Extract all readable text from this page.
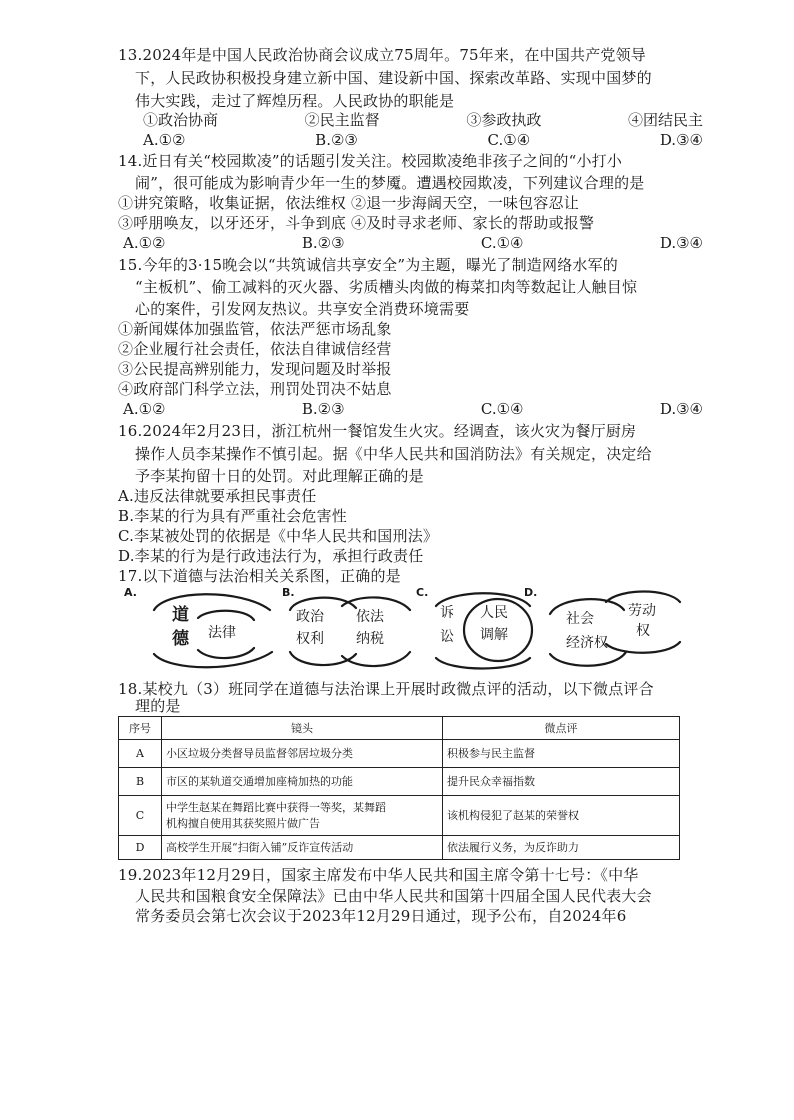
13.2024年是中国人民政治协商会议成立75周年。75年来，在中国共产党领导
下，人民政协积极投身建立新中国、建设新中国、探索改革路、实现中国梦的
伟大实践，走过了辉煌历程。人民政协的职能是
①政治协商	②民主监督	③参政执政	④团结民主
A.①②	B.②③	C.①④	D.③④
14.近日有关“校园欺凌”的话题引发关注。校园欺凌绝非孩子之间的“小打小
闹”，很可能成为影响青少年一生的梦魇。遭遇校园欺凌，下列建议合理的是
①讲究策略，收集证据，依法维权 ②退一步海阔天空，一味包容忍让
③呼朋唤友，以牙还牙，斗争到底 ④及时寻求老师、家长的帮助或报警
A.①②	B.②③	C.①④	D.③④
15.今年的3·15晚会以“共筑诚信共享安全”为主题，曝光了制造网络水军的
“主板机”、偷工减料的灭火器、劣质槽头肉做的梅菜扣肉等数起让人触目惊
心的案件，引发网友热议。共享安全消费环境需要
①新闻媒体加强监管，依法严惩市场乱象
②企业履行社会责任，依法自律诚信经营
③公民提高辨别能力，发现问题及时举报
④政府部门科学立法，刑罚处罚决不姑息
A.①②	B.②③	C.①④	D.③④
16.2024年2月23日，浙江杭州一餐馆发生火灾。经调查，该火灾为餐厅厨房
操作人员李某操作不慎引起。据《中华人民共和国消防法》有关规定，决定给
予李某拘留十日的处罚。对此理解正确的是
A.违反法律就要承担民事责任
B.李某的行为具有严重社会危害性
C.李某被处罚的依据是《中华人民共和国刑法》
D.李某的行为是行政违法行为，承担行政责任
17.以下道德与法治相关关系图，正确的是
A.
道
德 法律
B.
政治
权利
依法
纳税
C.
诉
讼
人民
调解
D.
社会
经济权
劳动
权
18.某校九（3）班同学在道德与法治课上开展时政微点评的活动，以下微点评合
理的是
序号	镜头	微点评
A	小区垃圾分类督导员监督邻居垃圾分类	积极参与民主监督
B	市区的某轨道交通增加座椅加热的功能	提升民众幸福指数
C	中学生赵某在舞蹈比赛中获得一等奖，某舞蹈
机构擅自使用其获奖照片做广告	该机构侵犯了赵某的荣誉权
D	高校学生开展“扫街入铺”反诈宣传活动	依法履行义务，为反诈助力
19.2023年12月29日，国家主席发布中华人民共和国主席令第十七号：《中华
人民共和国粮食安全保障法》已由中华人民共和国第十四届全国人民代表大会
常务委员会第七次会议于2023年12月29日通过，现予公布，自2024年6
